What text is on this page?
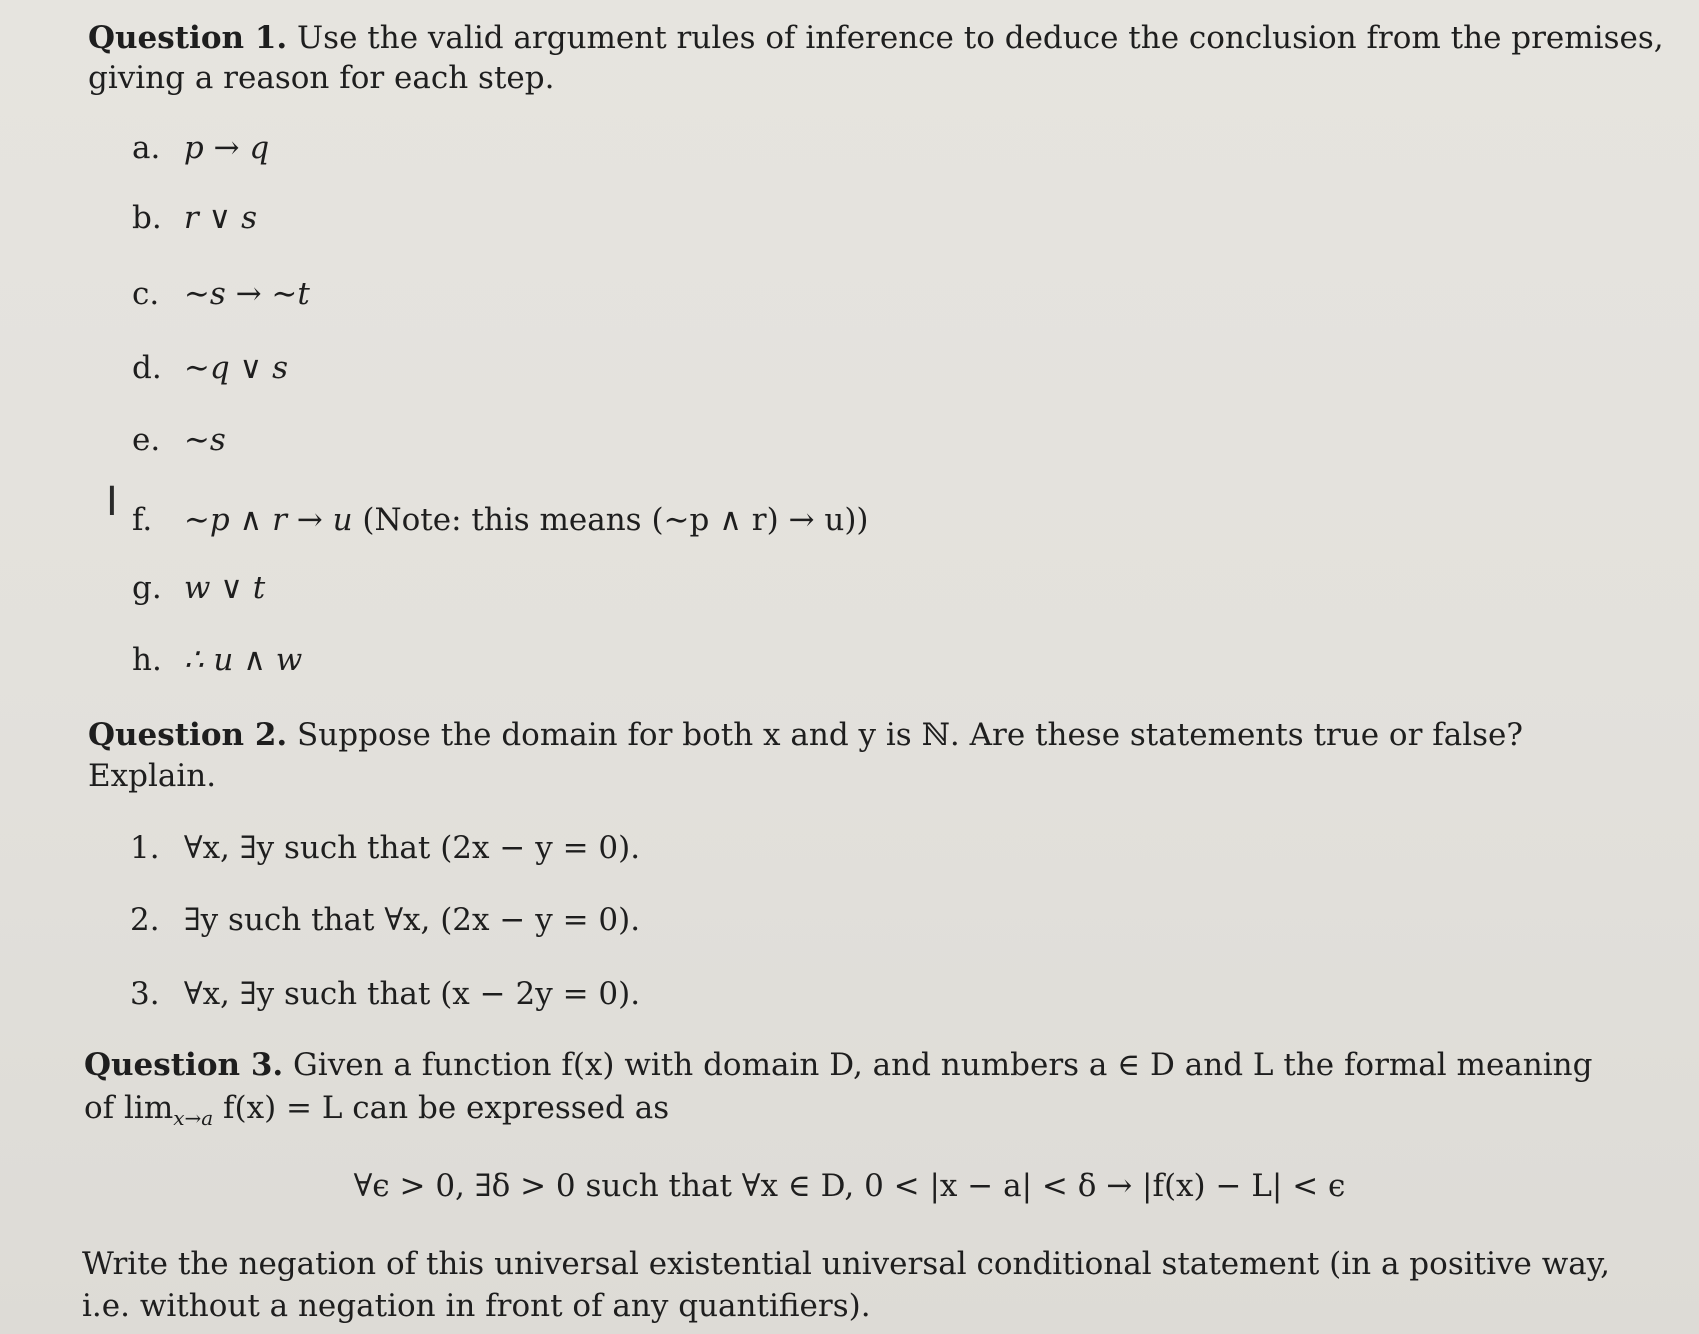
Question 1. Use the valid argument rules of inference to deduce the conclusion from the premises,
giving a reason for each step.
a. p → q
b. r ∨ s
c. ∼s → ∼t
d. ∼q ∨ s
e. ∼s
I f. ∼p ∧ r → u (Note: this means (∼p ∧ r) → u))
g. w ∨ t
h. ∴ u ∧ w
Question 2. Suppose the domain for both x and y is ℕ. Are these statements true or false?
Explain.
1. ∀x, ∃y such that (2x − y = 0).
2. ∃y such that ∀x, (2x − y = 0).
3. ∀x, ∃y such that (x − 2y = 0).
Question 3. Given a function f(x) with domain D, and numbers a ∈ D and L the formal meaning
of $\lim_{x\to a} f(x) = L$ can be expressed as
∀ϵ > 0, ∃δ > 0 such that ∀x ∈ D, 0 < |x − a| < δ → |f(x) − L| < ϵ
Write the negation of this universal existential universal conditional statement (in a positive way,
i.e. without a negation in front of any quantifiers).
